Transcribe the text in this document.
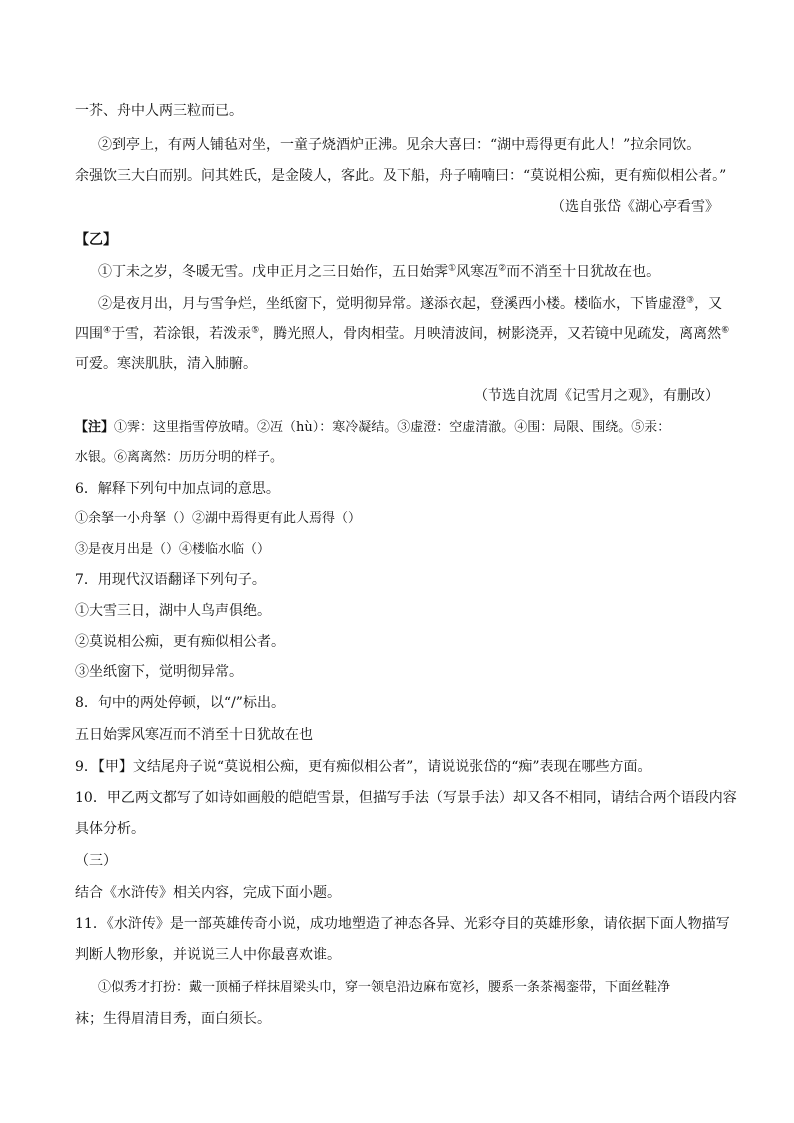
一芥、舟中人两三粒而已。
②到亭上，有两人铺毡对坐，一童子烧酒炉正沸。见余大喜曰：“湖中焉得更有此人！”拉余同饮。
余强饮三大白而别。问其姓氏，是金陵人，客此。及下船，舟子喃喃曰：“莫说相公痴，更有痴似相公者。”
（选自张岱《湖心亭看雪》
【乙】
①丁未之岁，冬暖无雪。戊申正月之三日始作，五日始霁①风寒冱②而不消至十日犹故在也。
②是夜月出，月与雪争烂，坐纸窗下，觉明彻异常。遂添衣起，登溪西小楼。楼临水，下皆虚澄③，又
四围④于雪，若涂银，若泼汞⑤，腾光照人，骨肉相莹。月映清波间，树影浇弄，又若镜中见疏发，离离然⑥
可爱。寒浃肌肤，清入肺腑。
（节选自沈周《记雪月之观》，有删改）
【注】①霁：这里指雪停放晴。②冱（hù）：寒冷凝结。③虚澄：空虚清澈。④围：局限、围绕。⑤汞：
水银。⑥离离然：历历分明的样子。
6．解释下列句中加点词的意思。
①余拏一小舟拏（）②湖中焉得更有此人焉得（）
③是夜月出是（）④楼临水临（）
7．用现代汉语翻译下列句子。
①大雪三日，湖中人鸟声俱绝。
②莫说相公痴，更有痴似相公者。
③坐纸窗下，觉明彻异常。
8．句中的两处停顿，以“/”标出。
五日始霁风寒冱而不消至十日犹故在也
9．【甲】文结尾舟子说“莫说相公痴，更有痴似相公者”，请说说张岱的“痴”表现在哪些方面。
10．甲乙两文都写了如诗如画般的皑皑雪景，但描写手法（写景手法）却又各不相同，请结合两个语段内容
具体分析。
（三）
结合《水浒传》相关内容，完成下面小题。
11．《水浒传》是一部英雄传奇小说，成功地塑造了神态各异、光彩夺目的英雄形象，请依据下面人物描写
判断人物形象，并说说三人中你最喜欢谁。
①似秀才打扮：戴一顶桶子样抹眉梁头巾，穿一领皂沿边麻布宽衫，腰系一条茶褐銮带，下面丝鞋净
袜；生得眉清目秀，面白须长。
